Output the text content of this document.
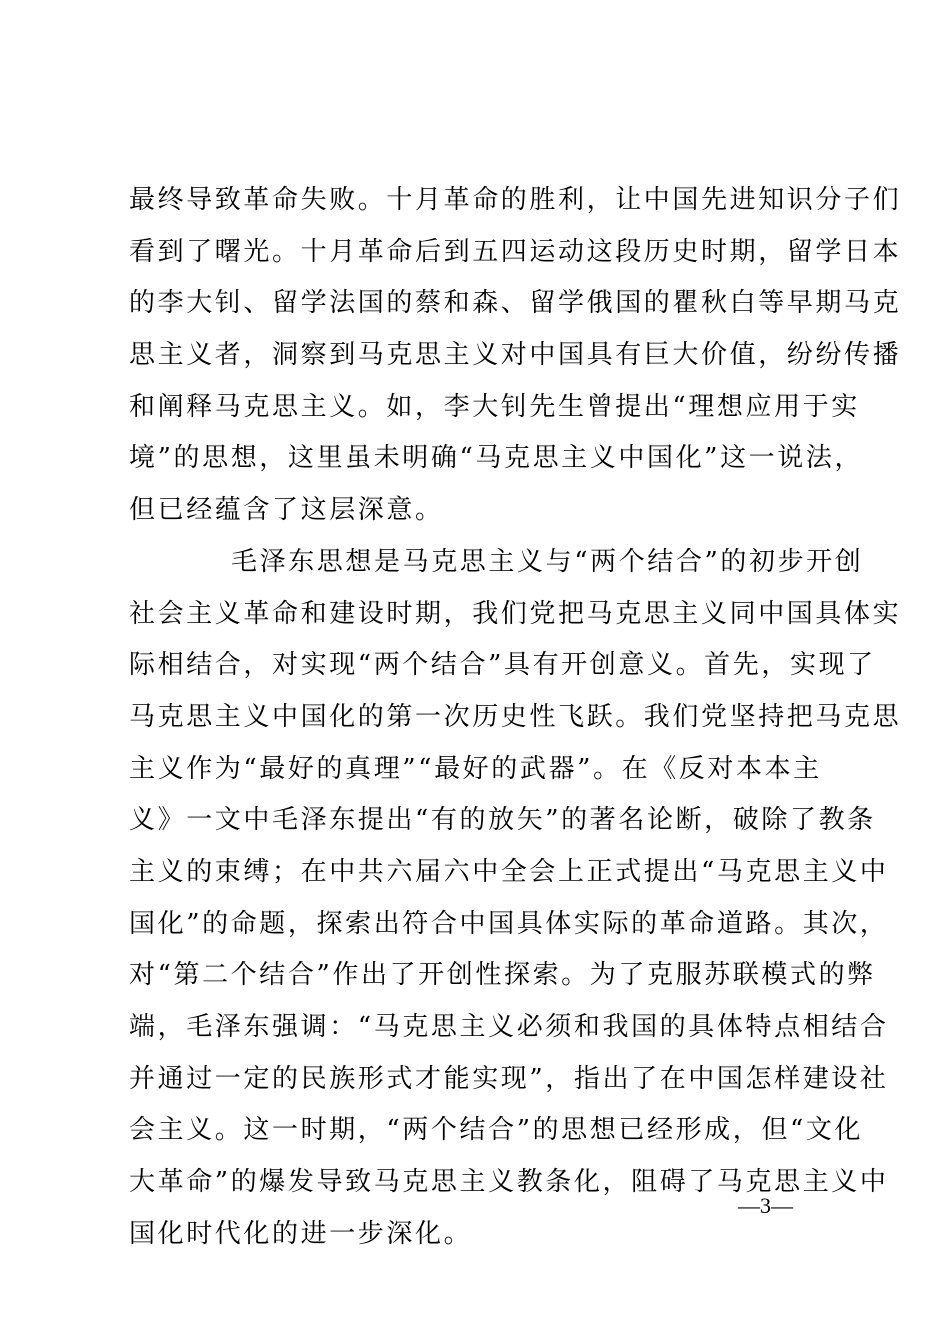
最终导致革命失败。十月革命的胜利，让中国先进知识分子们
看到了曙光。十月革命后到五四运动这段历史时期，留学日本
的李大钊、留学法国的蔡和森、留学俄国的瞿秋白等早期马克
思主义者，洞察到马克思主义对中国具有巨大价值，纷纷传播
和阐释马克思主义。如，李大钊先生曾提出“理想应用于实
境”的思想，这里虽未明确“马克思主义中国化”这一说法，
但已经蕴含了这层深意。
毛泽东思想是马克思主义与“两个结合”的初步开创
社会主义革命和建设时期，我们党把马克思主义同中国具体实
际相结合，对实现“两个结合”具有开创意义。首先，实现了
马克思主义中国化的第一次历史性飞跃。我们党坚持把马克思
主义作为“最好的真理”“最好的武器”。在《反对本本主
义》一文中毛泽东提出“有的放矢”的著名论断，破除了教条
主义的束缚；在中共六届六中全会上正式提出“马克思主义中
国化”的命题，探索出符合中国具体实际的革命道路。其次，
对“第二个结合”作出了开创性探索。为了克服苏联模式的弊
端，毛泽东强调：“马克思主义必须和我国的具体特点相结合
并通过一定的民族形式才能实现”，指出了在中国怎样建设社
会主义。这一时期，“两个结合”的思想已经形成，但“文化
大革命”的爆发导致马克思主义教条化，阻碍了马克思主义中
国化时代化的进一步深化。
—3—
